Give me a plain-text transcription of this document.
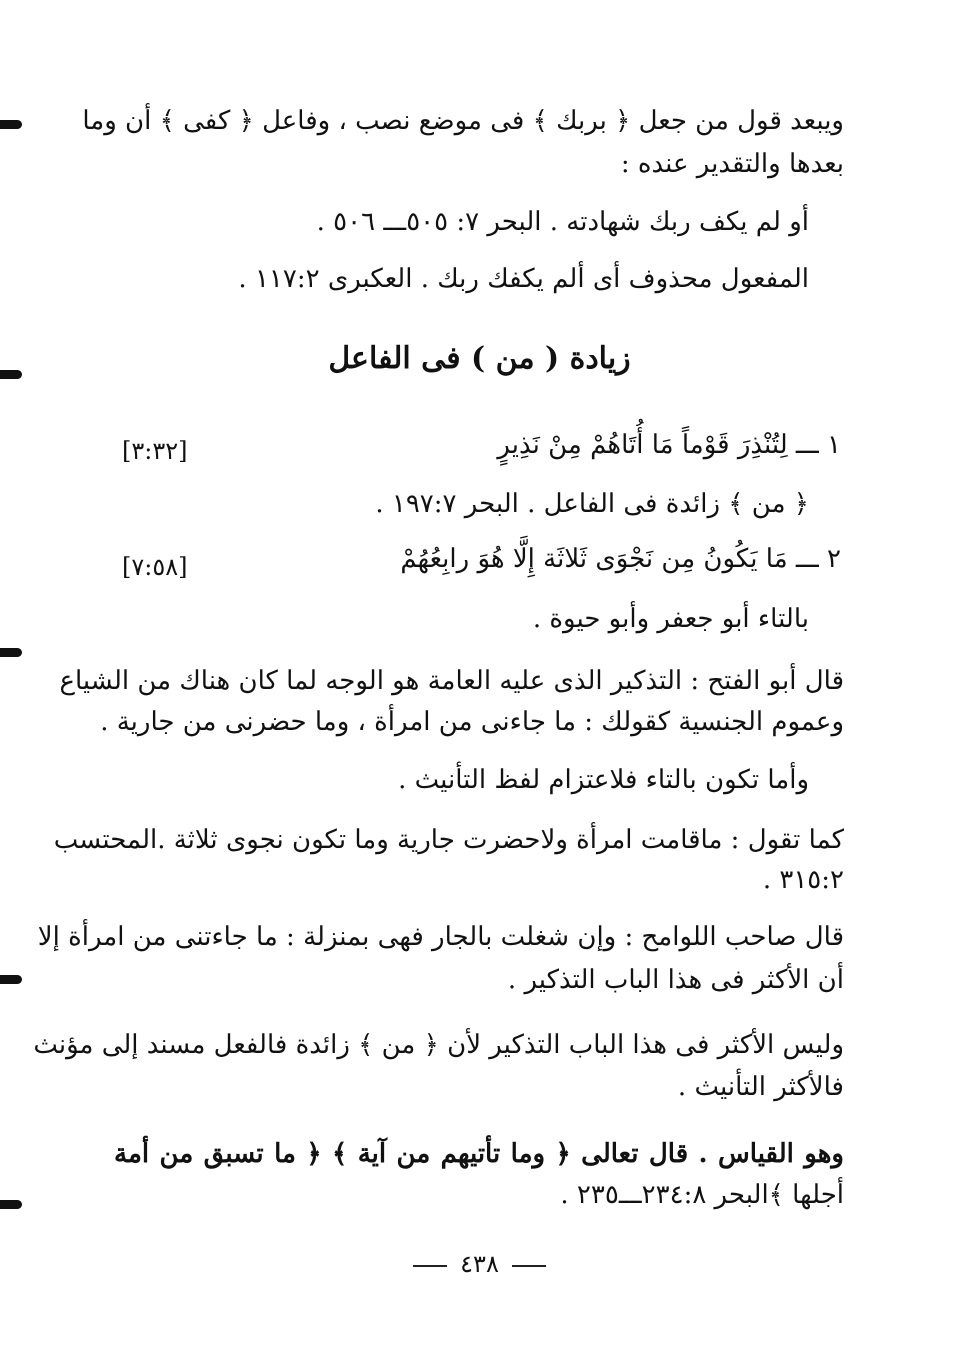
ويبعد قول من جعل ﴿ بربك ﴾ فى موضع نصب ، وفاعل ﴿ كفى ﴾ أن وما
بعدها والتقدير عنده :
أو لم يكف ربك شهادته . البحر ٧: ٥٠٥ـــ ٥٠٦ .
المفعول محذوف أى ألم يكفك ربك . العكبرى ١١٧:٢ .
زيادة ( من ) فى الفاعل
١ ـــ لِتُنْذِرَ قَوْماً مَا أُتَاهُمْ مِنْ نَذِيرٍ
[٣:٣٢]
﴿ من ﴾ زائدة فى الفاعل . البحر ١٩٧:٧ .
٢ ـــ مَا يَكُونُ مِن نَجْوَى ثَلاثَة إِلَّا هُوَ رابِعُهُمْ
[٧:٥٨]
بالتاء أبو جعفر وأبو حيوة .
قال أبو الفتح : التذكير الذى عليه العامة هو الوجه لما كان هناك من الشياع
وعموم الجنسية كقولك : ما جاءنى من امرأة ، وما حضرنى من جارية .
وأما تكون بالتاء فلاعتزام لفظ التأنيث .
كما تقول : ماقامت امرأة ولاحضرت جارية وما تكون نجوى ثلاثة .المحتسب
٣١٥:٢ .
قال صاحب اللوامح : وإن شغلت بالجار فهى بمنزلة : ما جاءتنى من امرأة إلا
أن الأكثر فى هذا الباب التذكير .
وليس الأكثر فى هذا الباب التذكير لأن ﴿ من ﴾ زائدة فالفعل مسند إلى مؤنث
فالأكثر التأنيث .
وهو القياس . قال تعالى ﴿ وما تأتيهم من آية ﴾ ﴿ ما تسبق من أمة
أجلها ﴾البحر ٢٣٤:٨ـــ٢٣٥ .
٤٣٨
